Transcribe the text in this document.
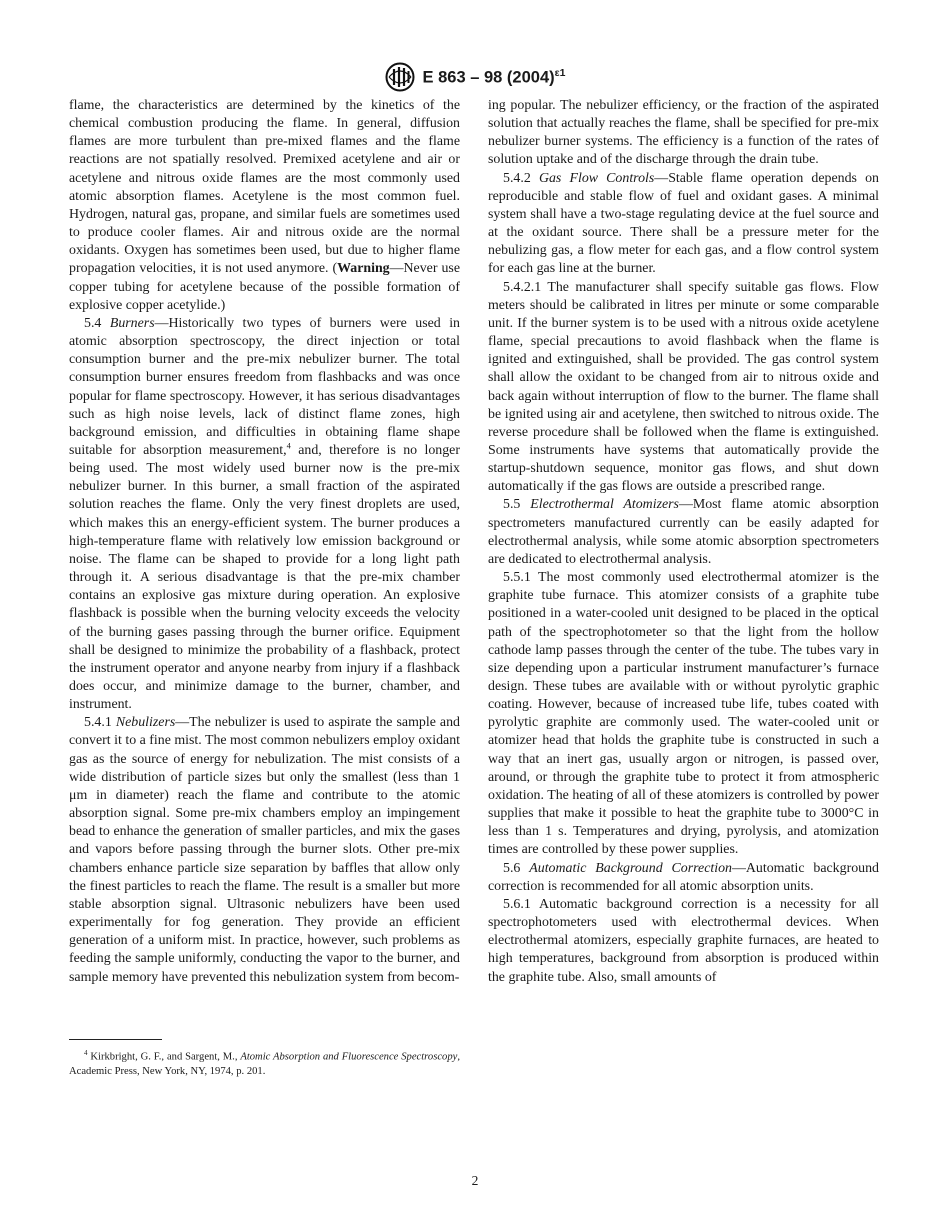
E 863 – 98 $(2004)^{\varepsilon 1}$

flame, the characteristics are determined by the kinetics of the chemical combustion producing the flame. In general, diffusion flames are more turbulent than pre-mixed flames and the flame reactions are not spatially resolved. Premixed acetylene and air or acetylene and nitrous oxide flames are the most commonly used atomic absorption flames. Acetylene is the most common fuel. Hydrogen, natural gas, propane, and similar fuels are sometimes used to produce cooler flames. Air and nitrous oxide are the normal oxidants. Oxygen has sometimes been used, but due to higher flame propagation velocities, it is not used anymore. (Warning—Never use copper tubing for acetylene because of the possible formation of explosive copper acetylide.)

5.4 Burners—Historically two types of burners were used in atomic absorption spectroscopy, the direct injection or total consumption burner and the pre-mix nebulizer burner. The total consumption burner ensures freedom from flashbacks and was once popular for flame spectroscopy. However, it has serious disadvantages such as high noise levels, lack of distinct flame zones, high background emission, and difficulties in obtaining flame shape suitable for absorption measurement,$^4$ and, therefore is no longer being used. The most widely used burner now is the pre-mix nebulizer burner. In this burner, a small fraction of the aspirated solution reaches the flame. Only the very finest droplets are used, which makes this an energy-efficient system. The burner produces a high-temperature flame with relatively low emission background or noise. The flame can be shaped to provide for a long light path through it. A serious disadvantage is that the pre-mix chamber contains an explosive gas mixture during operation. An explosive flashback is possible when the burning velocity exceeds the velocity of the burning gases passing through the burner orifice. Equipment shall be designed to minimize the probability of a flashback, protect the instrument operator and anyone nearby from injury if a flashback does occur, and minimize damage to the burner, chamber, and instrument.

5.4.1 Nebulizers—The nebulizer is used to aspirate the sample and convert it to a fine mist. The most common nebulizers employ oxidant gas as the source of energy for nebulization. The mist consists of a wide distribution of particle sizes but only the smallest (less than 1 μm in diameter) reach the flame and contribute to the atomic absorption signal. Some pre-mix chambers employ an impingement bead to enhance the generation of smaller particles, and mix the gases and vapors before passing through the burner slots. Other pre-mix chambers enhance particle size separation by baffles that allow only the finest particles to reach the flame. The result is a smaller but more stable absorption signal. Ultrasonic nebulizers have been used experimentally for fog generation. They provide an efficient generation of a uniform mist. In practice, however, such problems as feeding the sample uniformly, conducting the vapor to the burner, and sample memory have prevented this nebulization system from becom-

$^4$ Kirkbright, G. F., and Sargent, M., Atomic Absorption and Fluorescence Spectroscopy, Academic Press, New York, NY, 1974, p. 201.

ing popular. The nebulizer efficiency, or the fraction of the aspirated solution that actually reaches the flame, shall be specified for pre-mix nebulizer burner systems. The efficiency is a function of the rates of solution uptake and of the discharge through the drain tube.

5.4.2 Gas Flow Controls—Stable flame operation depends on reproducible and stable flow of fuel and oxidant gases. A minimal system shall have a two-stage regulating device at the fuel source and at the oxidant source. There shall be a pressure meter for the nebulizing gas, a flow meter for each gas, and a flow control system for each gas line at the burner.

5.4.2.1 The manufacturer shall specify suitable gas flows. Flow meters should be calibrated in litres per minute or some comparable unit. If the burner system is to be used with a nitrous oxide acetylene flame, special precautions to avoid flashback when the flame is ignited and extinguished, shall be provided. The gas control system shall allow the oxidant to be changed from air to nitrous oxide and back again without interruption of flow to the burner. The flame shall be ignited using air and acetylene, then switched to nitrous oxide. The reverse procedure shall be followed when the flame is extinguished. Some instruments have systems that automatically provide the startup-shutdown sequence, monitor gas flows, and shut down automatically if the gas flows are outside a prescribed range.

5.5 Electrothermal Atomizers—Most flame atomic absorption spectrometers manufactured currently can be easily adapted for electrothermal analysis, while some atomic absorption spectrometers are dedicated to electrothermal analysis.

5.5.1 The most commonly used electrothermal atomizer is the graphite tube furnace. This atomizer consists of a graphite tube positioned in a water-cooled unit designed to be placed in the optical path of the spectrophotometer so that the light from the hollow cathode lamp passes through the center of the tube. The tubes vary in size depending upon a particular instrument manufacturer’s furnace design. These tubes are available with or without pyrolytic graphic coating. However, because of increased tube life, tubes coated with pyrolytic graphite are commonly used. The water-cooled unit or atomizer head that holds the graphite tube is constructed in such a way that an inert gas, usually argon or nitrogen, is passed over, around, or through the graphite tube to protect it from atmospheric oxidation. The heating of all of these atomizers is controlled by power supplies that make it possible to heat the graphite tube to 3000°C in less than 1 s. Temperatures and drying, pyrolysis, and atomization times are controlled by these power supplies.

5.6 Automatic Background Correction—Automatic background correction is recommended for all atomic absorption units.

5.6.1 Automatic background correction is a necessity for all spectrophotometers used with electrothermal devices. When electrothermal atomizers, especially graphite furnaces, are heated to high temperatures, background from absorption is produced within the graphite tube. Also, small amounts of

2
